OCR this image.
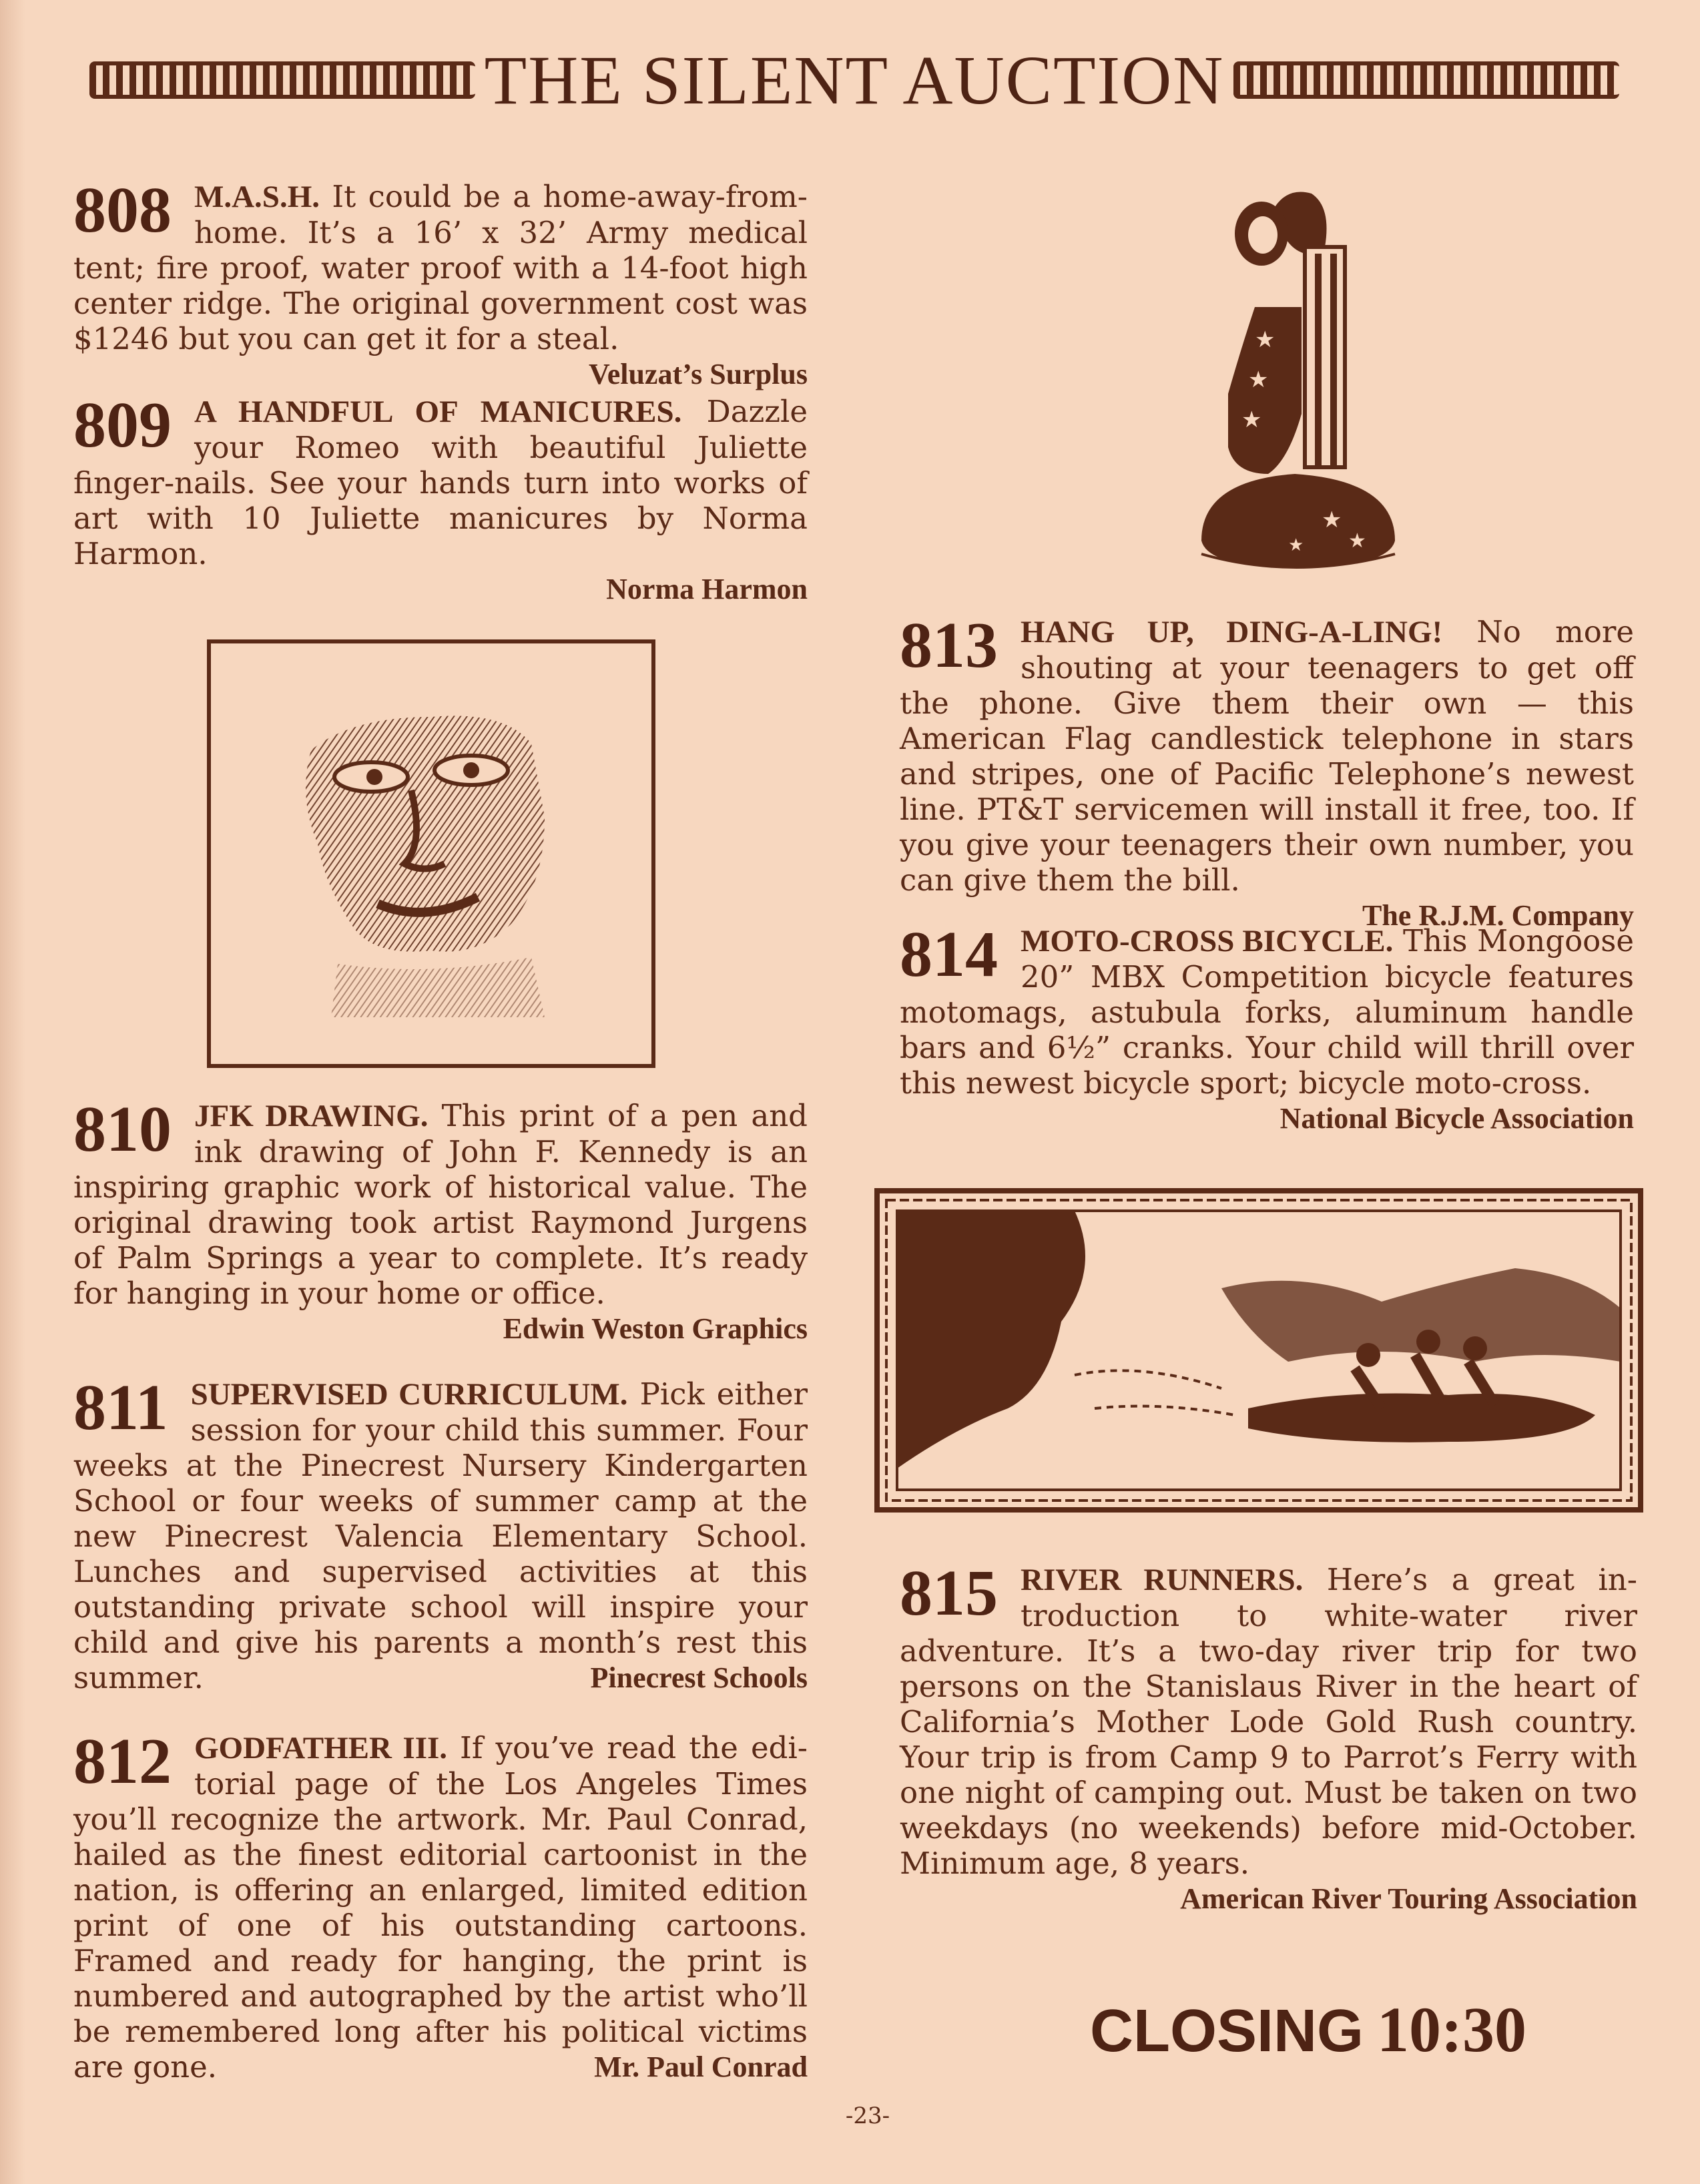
THE SILENT AUCTION
808 M.A.S.H. It could be a home-away-from-home. It’s a 16’ x 32’ Army medical tent; fire proof, water proof with a 14-foot high center ridge. The original government cost was $1246 but you can get it for a steal.
Veluzat’s Surplus
809 A HANDFUL OF MANICURES. Dazzle your Romeo with beautiful Juliette finger-nails. See your hands turn into works of art with 10 Juliette manicures by Norma Harmon.
Norma Harmon
810 JFK DRAWING. This print of a pen and ink drawing of John F. Kennedy is an inspiring graphic work of historical value. The original drawing took artist Raymond Jurgens of Palm Springs a year to complete. It’s ready for hanging in your home or office.
Edwin Weston Graphics
811 SUPERVISED CURRICULUM. Pick either session for your child this summer. Four weeks at the Pinecrest Nursery Kindergarten School or four weeks of summer camp at the new Pinecrest Valencia Elementary School. Lunches and supervised activities at this outstanding private school will inspire your child and give his parents a month’s rest this summer.	Pinecrest Schools
812 GODFATHER III. If you’ve read the edi-torial page of the Los Angeles Times you’ll recognize the artwork. Mr. Paul Conrad, hailed as the finest editorial cartoonist in the nation, is offering an enlarged, limited edition print of one of his outstanding cartoons. Framed and ready for hanging, the print is numbered and autographed by the artist who’ll be remembered long after his political victims are gone.	Mr. Paul Conrad
★
★
★
★
★
★
813 HANG UP, DING-A-LING! No more shouting at your teenagers to get off the phone. Give them their own — this American Flag candlestick telephone in stars and stripes, one of Pacific Telephone’s newest line. PT&T servicemen will install it free, too. If you give your teenagers their own number, you can give them the bill.
The R.J.M. Company
814 MOTO-CROSS BICYCLE. This Mongoose 20” MBX Competition bicycle features motomags, astubula forks, aluminum handle bars and 6½” cranks. Your child will thrill over this newest bicycle sport; bicycle moto-cross.
National Bicycle Association
815 RIVER RUNNERS. Here’s a great in-troduction to white-water river adventure. It’s a two-day river trip for two persons on the Stanislaus River in the heart of California’s Mother Lode Gold Rush country. Your trip is from Camp 9 to Parrot’s Ferry with one night of camping out. Must be taken on two weekdays (no weekends) before mid-October. Minimum age, 8 years.
American River Touring Association
CLOSING 10:30
-23-
